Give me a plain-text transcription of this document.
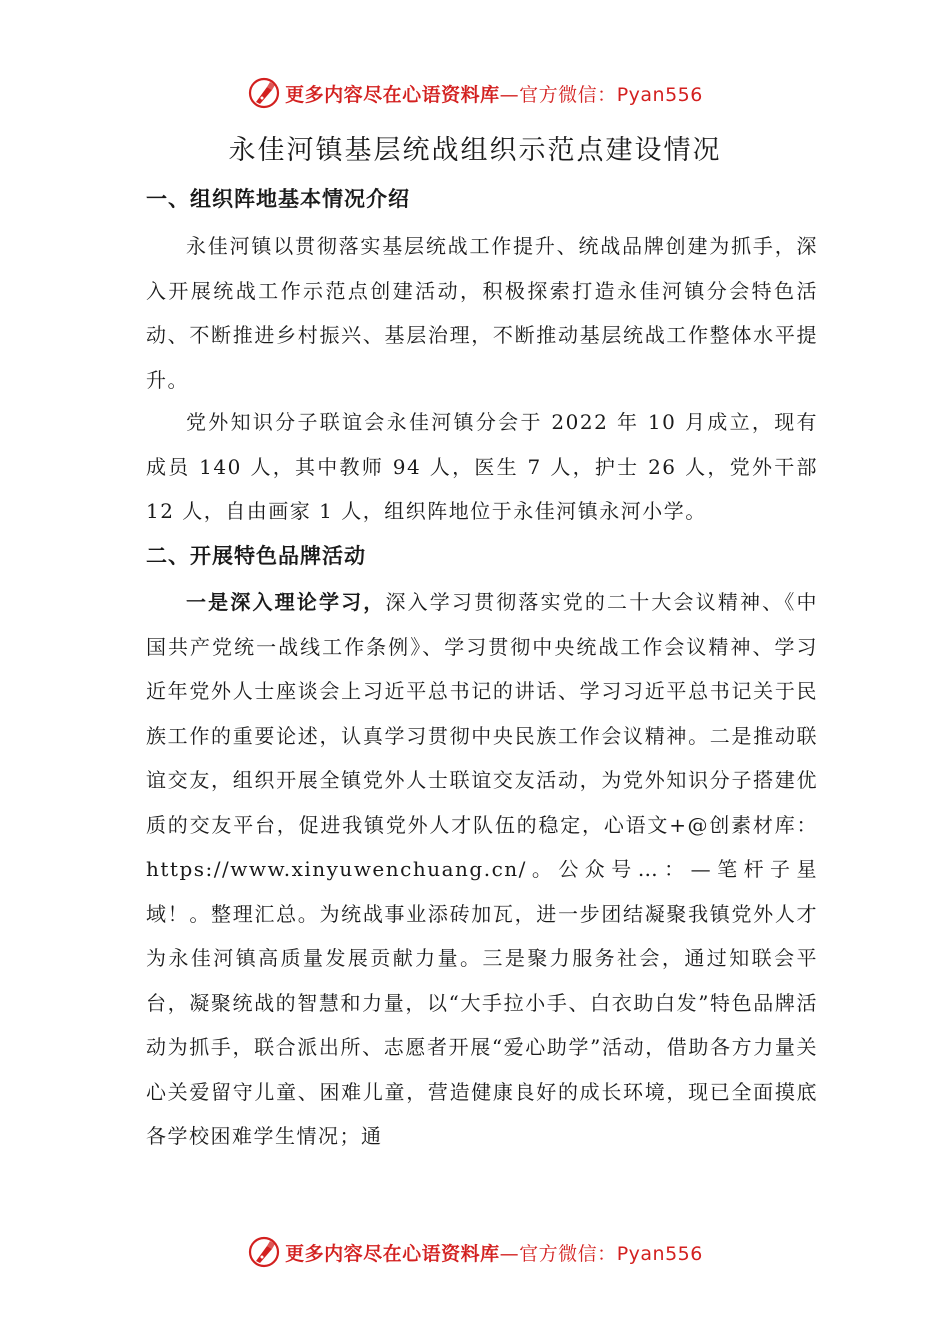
更多内容尽在心语资料库—官方微信：Pyan556
永佳河镇基层统战组织示范点建设情况
一、组织阵地基本情况介绍

永佳河镇以贯彻落实基层统战工作提升、统战品牌创建为抓手，深入开展统战工作示范点创建活动，积极探索打造永佳河镇分会特色活动、不断推进乡村振兴、基层治理，不断推动基层统战工作整体水平提升。

党外知识分子联谊会永佳河镇分会于 2022 年 10 月成立，现有成员 140 人，其中教师 94 人，医生 7 人，护士 26 人，党外干部 12 人，自由画家 1 人，组织阵地位于永佳河镇永河小学。

二、开展特色品牌活动

一是深入理论学习，深入学习贯彻落实党的二十大会议精神、《中国共产党统一战线工作条例》、学习贯彻中央统战工作会议精神、学习近年党外人士座谈会上习近平总书记的讲话、学习习近平总书记关于民族工作的重要论述，认真学习贯彻中央民族工作会议精神。二是推动联谊交友，组织开展全镇党外人士联谊交友活动，为党外知识分子搭建优质的交友平台，促进我镇党外人才队伍的稳定，心语文+@创素材库：https://www.xinyuwenchuang.cn/。公众号…：—笔杆子星域！。整理汇总。为统战事业添砖加瓦，进一步团结凝聚我镇党外人才为永佳河镇高质量发展贡献力量。三是聚力服务社会，通过知联会平台，凝聚统战的智慧和力量，以“大手拉小手、白衣助白发”特色品牌活动为抓手，联合派出所、志愿者开展“爱心助学”活动，借助各方力量关心关爱留守儿童、困难儿童，营造健康良好的成长环境，现已全面摸底各学校困难学生情况；通

更多内容尽在心语资料库—官方微信：Pyan556
